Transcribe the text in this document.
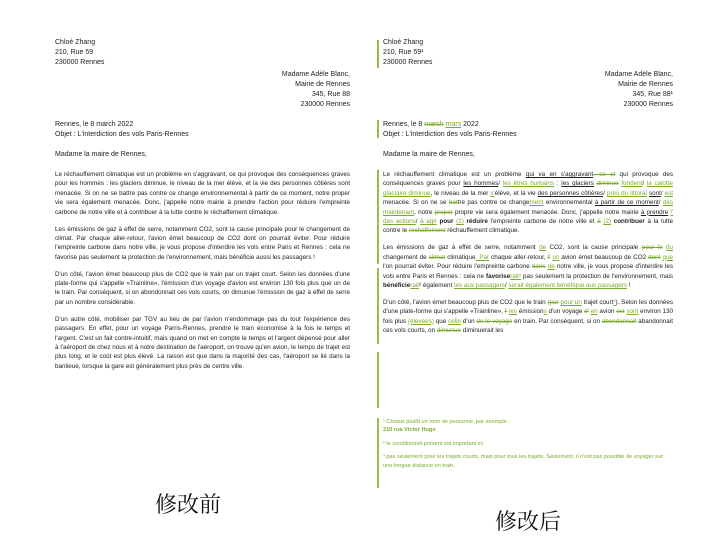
Chloé Zhang
210, Rue 59
230000 Rennes
Madame Adèle Blanc,
Mairie de Rennes
345, Rue 88
230000 Rennes
Rennes, le 8 march 2022
Objet : L'interdiction des vols Paris-Rennes
Madame la maire de Rennes,

Le réchauffement climatique est un problème en s'aggravant, ce qui provoque des conséquences graves pour les hommes : les glaciers diminue, le niveau de la mer élève, et la vie des personnes côtières sont menacée. Si on ne se battre pas contre ce change environnemental à partir de ce moment, notre proper vie sera également menacée. Donc, j'appelle notre mairie à prendre l'action pour réduire l'empreinte carbone de notre ville et à contribuer à la lutte contre le réchaffement climatique.

Les émissions de gaz à effet de serre, notamment CO2, sont la cause principale pour le changement de climat. Par chaque aller-retour, l'avion émet beaucoup de CO2 dont on pourrait éviter. Pour réduire l'empreinte carbone dans notre ville, je vous propose d'interdire les vols entre Paris et Rennes : cela ne favorise pas seulement la protection de l'environnement, mais bénéficie aussi les passagers !

D'un côté, l'avion émet beaucoup plus de CO2 que le train par un trajet court. Selon les données d'une plate-forme qui s'appelle «Trainline», l'émission d'un voyage d'avion est environ 130 fois plus que un de le train. Par conséquent, si on abondonnait ces vols courts, on dimunue l'émission de gaz à effet de serre par un nombre considérable.

D'un autre côté, mobiliser par TGV au lieu de par l'avion n'endommage pas du tout l'expérience des passagers. En effet, pour un voyage Parris-Rennes, prendre le train économise à la fois le temps et l'argent. C'est un fait contre-intuitif, mais quand on met en compte le temps et l'argent dépensé pour aller à l'aéroport de chez nous et à notre destination de l'aéroport, on trouve qu'en avion, le temps de trajet est plus long, et le coût est plus élevé. La raison est que dans la majorité des cas, l'aéroport se lié dans la banlieue, lorsque la gare est généralement plus près de centre ville.

修改前
Chloé Zhang
210, Rue 59¹
230000 Rennes
Madame Adèle Blanc,
Mairie de Rennes
345, Rue 88¹
230000 Rennes
Rennes, le 8 march mars 2022
Objet : L'interdiction des vols Paris-Rennes
Madame la maire de Rennes,

Le réchauffement climatique est un problème qui va en s'aggravant, ce et qui provoque des conséquences graves pour les hommes/ les êtres humains : les glaciers diminue fondent/ la calotte glaciaire diminue, le niveau de la mer s'élève, et la vie des personnes côtières/ près du littoral sont/ est menacée. Si on ne se battre pas contre ce changement environnemental à partir de ce moment/ dès maintenant, notre proper propre vie sera également menacée. Donc, j'appelle notre mairie à prendre l' des actions/ à agir pour (1) réduire l'empreinte carbone de notre ville et à (2) contribuer à la lutte contre le réchaffement réchauffement climatique.

Les émissions de gaz à effet de serre, notamment de CO2, sont la cause principale pour le du changement de climat climatique. Par chaque aller-retour, l' un avion émet beaucoup de CO2 dont que l'on pourrait éviter. Pour réduire l'empreinte carbone dans de notre ville, je vous propose d'interdire les vols entre Paris et Rennes : cela ne favoriserait² pas seulement la protection de l'environnement, mais bénéficierait² également les aux passagers/ serait également bénéfique aux passagers !

D'un côté, l'avion émet beaucoup plus de CO2 que le train (par pour un trajet court³). Selon les données d'une plate-forme qui s'appelle «Trainline», l' les émissions d'un voyage d' en avion est sont environ 130 fois plus (élevées) que celle d'un de le voyage en train. Par conséquent, si on abondonnait abandonnait ces vols courts, on dimunue diminuerait les

¹ Choisis plutôt un nom de personne, par exemple :
210 rue Victor Hugo
² le conditionnel présent est important ici
³ pas seulement pour les trajets courts, mais pour tous les trajets. Seulement, il n'est pas possible de voyager sur une longue distance en train.
修改后
